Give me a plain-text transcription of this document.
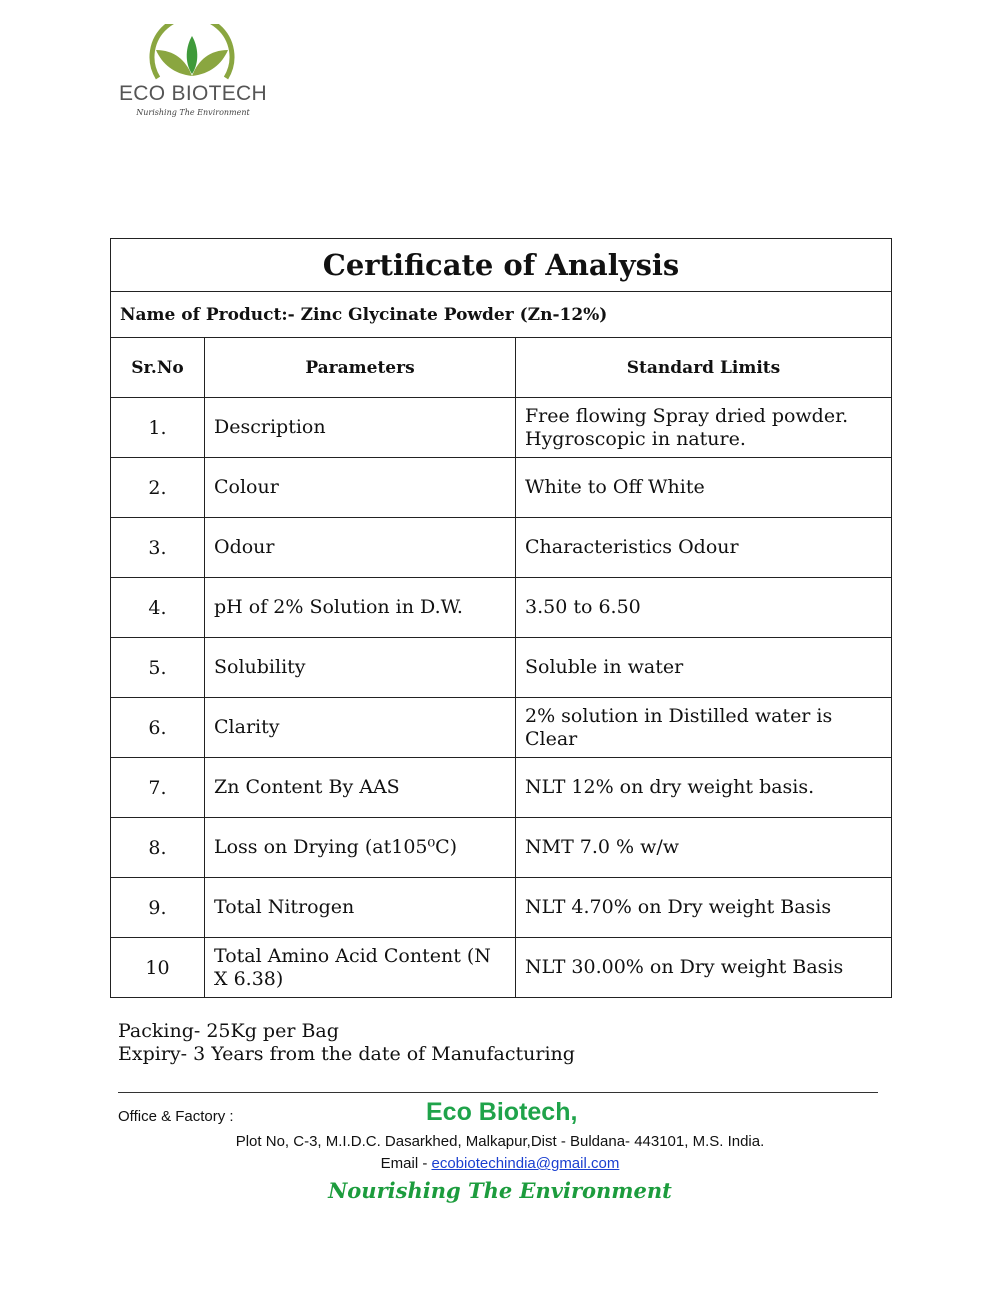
ECO BIOTECH
Nurishing The Environment
Certificate of Analysis		
Name of Product:- Zinc Glycinate Powder (Zn-12%)		
Sr.No	Parameters	Standard Limits
1.	Description	Free flowing Spray dried powder. Hygroscopic in nature.
2.	Colour	White to Off White
3.	Odour	Characteristics Odour
4.	pH of 2% Solution in D.W.	3.50 to 6.50
5.	Solubility	Soluble in water
6.	Clarity	2% solution in Distilled water is Clear
7.	Zn Content By AAS	NLT 12% on dry weight basis.
8.	Loss on Drying (at105⁰C)	NMT 7.0 % w/w
9.	Total Nitrogen	NLT 4.70% on Dry weight Basis
10	Total Amino Acid Content (N X 6.38)	NLT 30.00% on Dry weight Basis
Packing- 25Kg per Bag
Expiry- 3 Years from the date of Manufacturing
Office & Factory :	Eco Biotech,
Plot No, C-3, M.I.D.C. Dasarkhed, Malkapur,Dist - Buldana- 443101, M.S. India.
Email - ecobiotechindia@gmail.com
Nourishing The Environment
